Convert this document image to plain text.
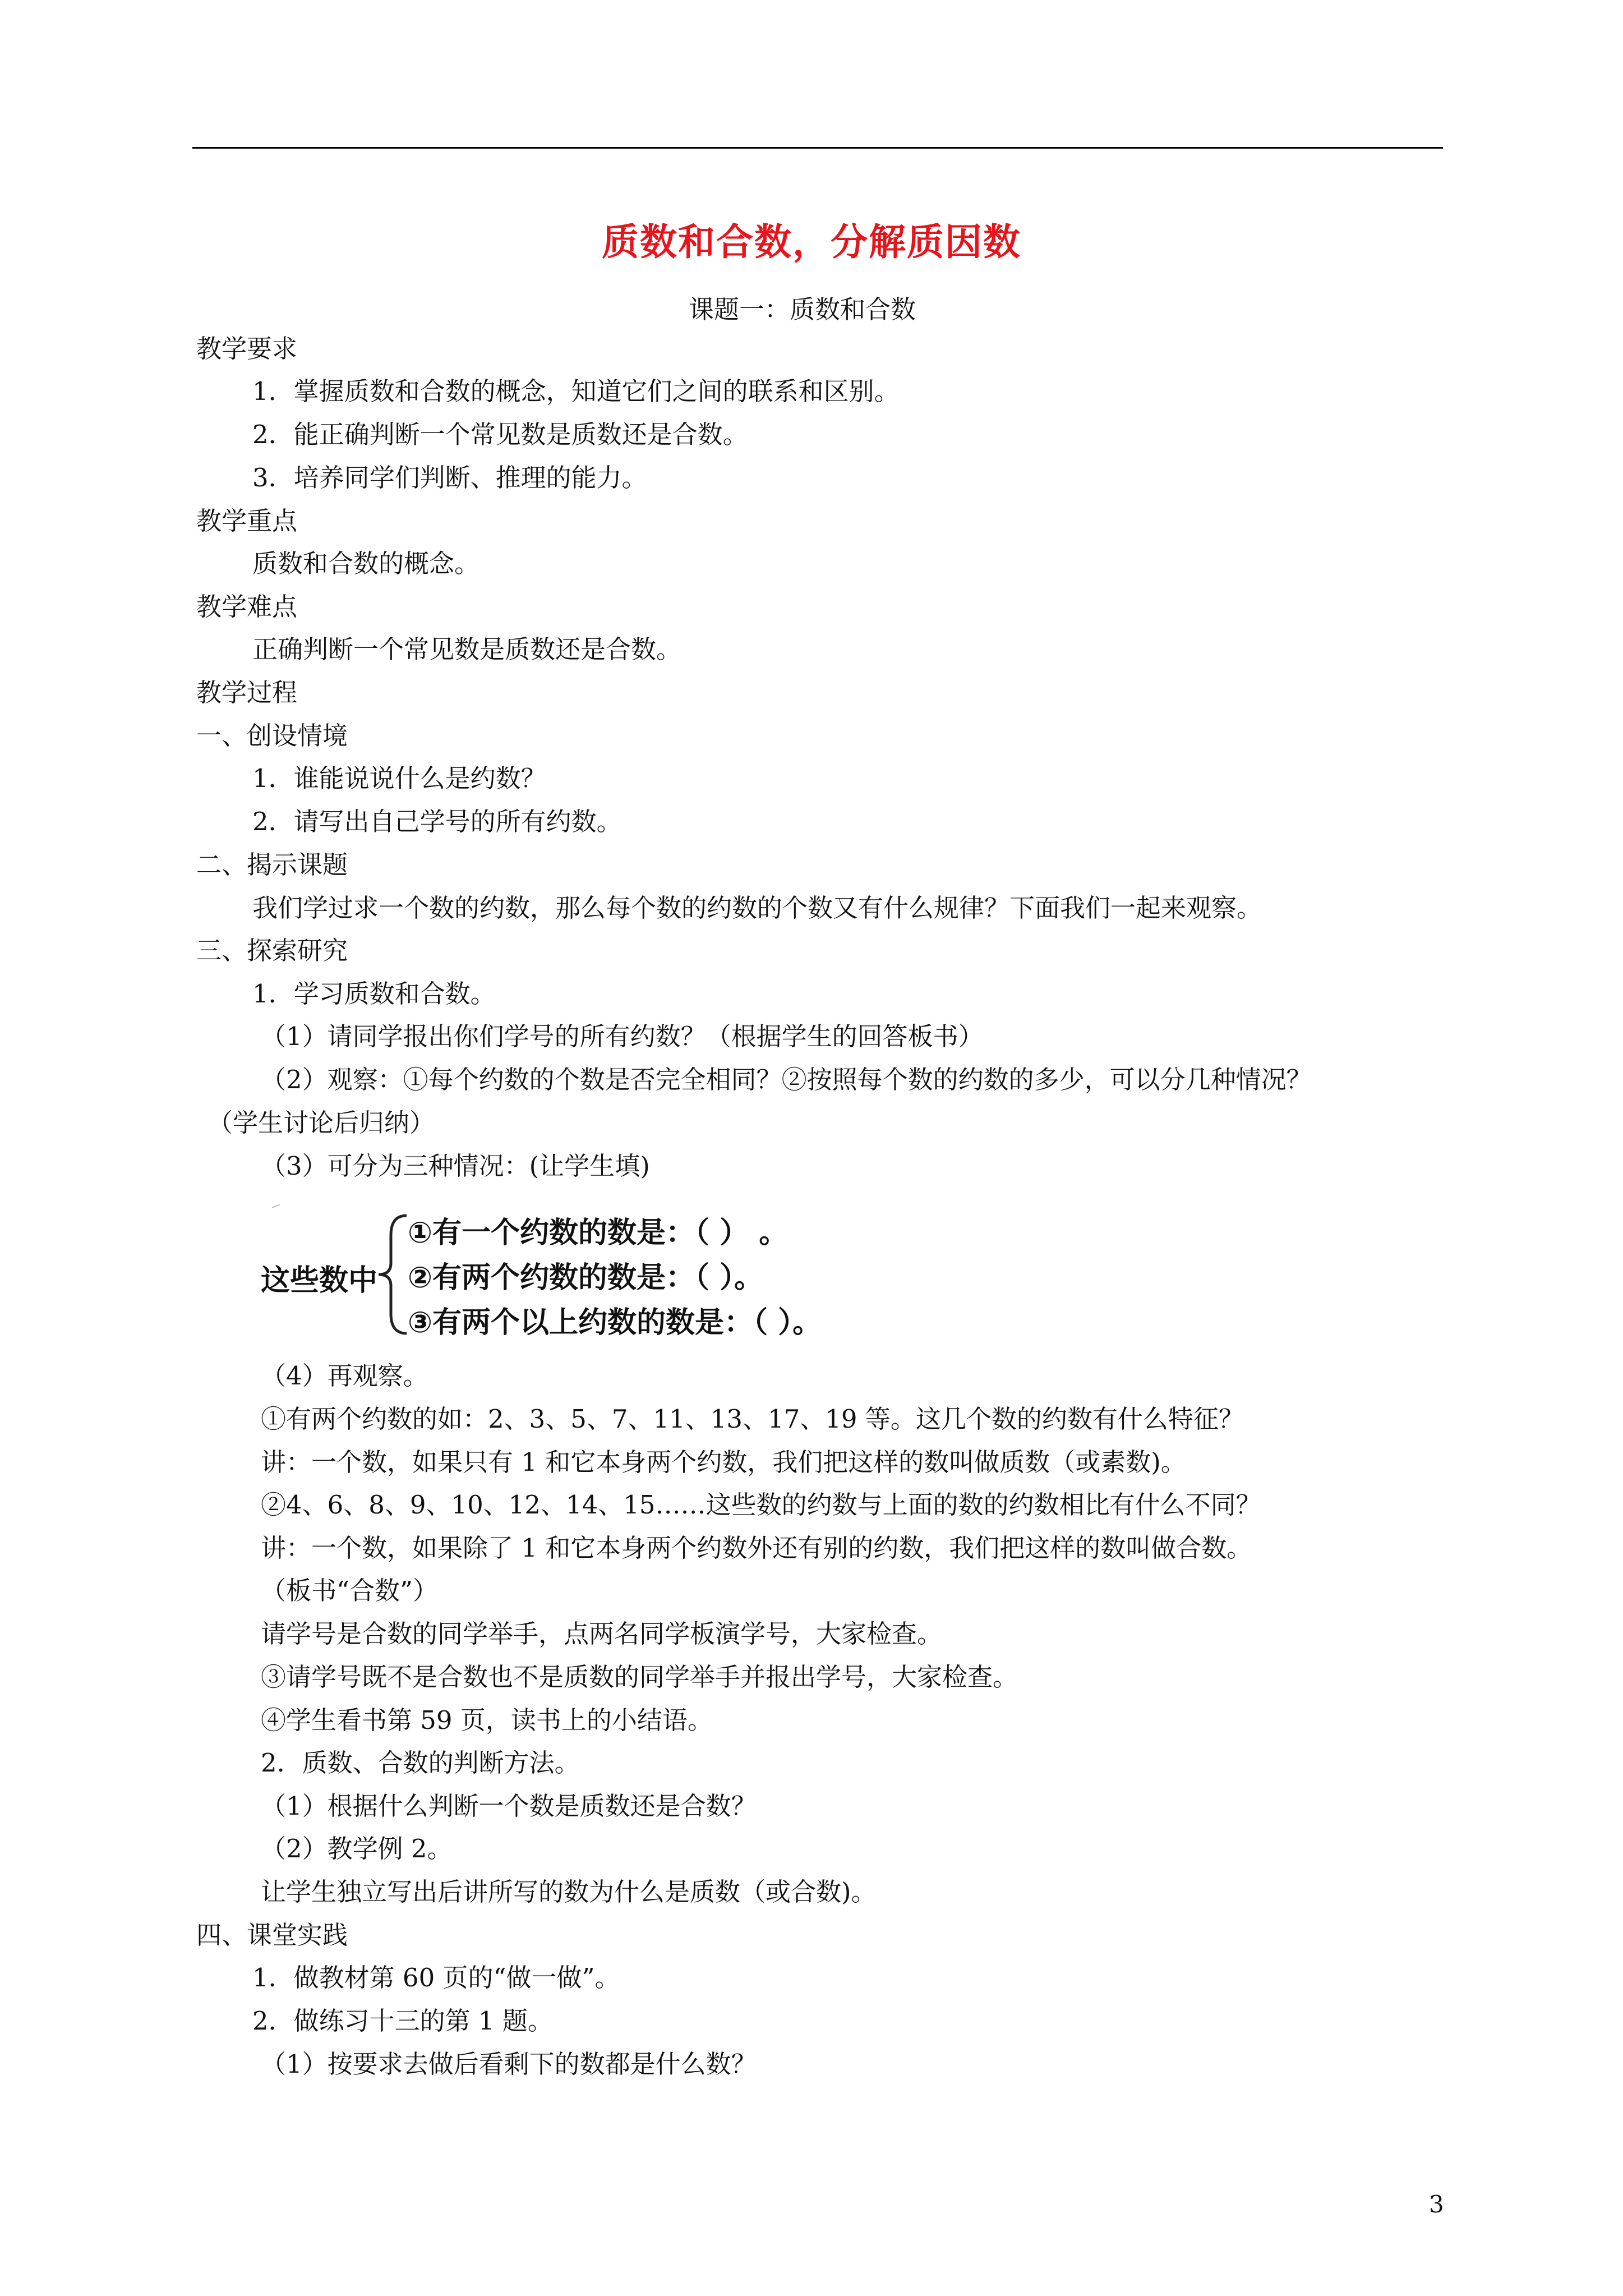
质数和合数，分解质因数
课题一：质数和合数
教学要求
1．掌握质数和合数的概念，知道它们之间的联系和区别。
2．能正确判断一个常见数是质数还是合数。
3．培养同学们判断、推理的能力。
教学重点
质数和合数的概念。
教学难点
正确判断一个常见数是质数还是合数。
教学过程
一、创设情境
1．谁能说说什么是约数？
2．请写出自己学号的所有约数。
二、揭示课题
我们学过求一个数的约数，那么每个数的约数的个数又有什么规律？下面我们一起来观察。
三、探索研究
1．学习质数和合数。
（1）请同学报出你们学号的所有约数？（根据学生的回答板书）
（2）观察：①每个约数的个数是否完全相同？②按照每个数的约数的多少，可以分几种情况？
（学生讨论后归纳）
（3）可分为三种情况：(让学生填)
这些数中
①有一个约数的数是：（ ） 。
②有两个约数的数是：（ ）。
③有两个以上约数的数是：（ ）。
（4）再观察。
①有两个约数的如：2、3、5、7、11、13、17、19 等。这几个数的约数有什么特征？
讲：一个数，如果只有 1 和它本身两个约数，我们把这样的数叫做质数（或素数)。
②4、6、8、9、10、12、14、15……这些数的约数与上面的数的约数相比有什么不同？
讲：一个数，如果除了 1 和它本身两个约数外还有别的约数，我们把这样的数叫做合数。
（板书“合数”）
请学号是合数的同学举手，点两名同学板演学号，大家检查。
③请学号既不是合数也不是质数的同学举手并报出学号，大家检查。
④学生看书第 59 页，读书上的小结语。
2．质数、合数的判断方法。
（1）根据什么判断一个数是质数还是合数？
（2）教学例 2。
让学生独立写出后讲所写的数为什么是质数（或合数)。
四、课堂实践
1．做教材第 60 页的“做一做”。
2．做练习十三的第 1 题。
（1）按要求去做后看剩下的数都是什么数？
3
